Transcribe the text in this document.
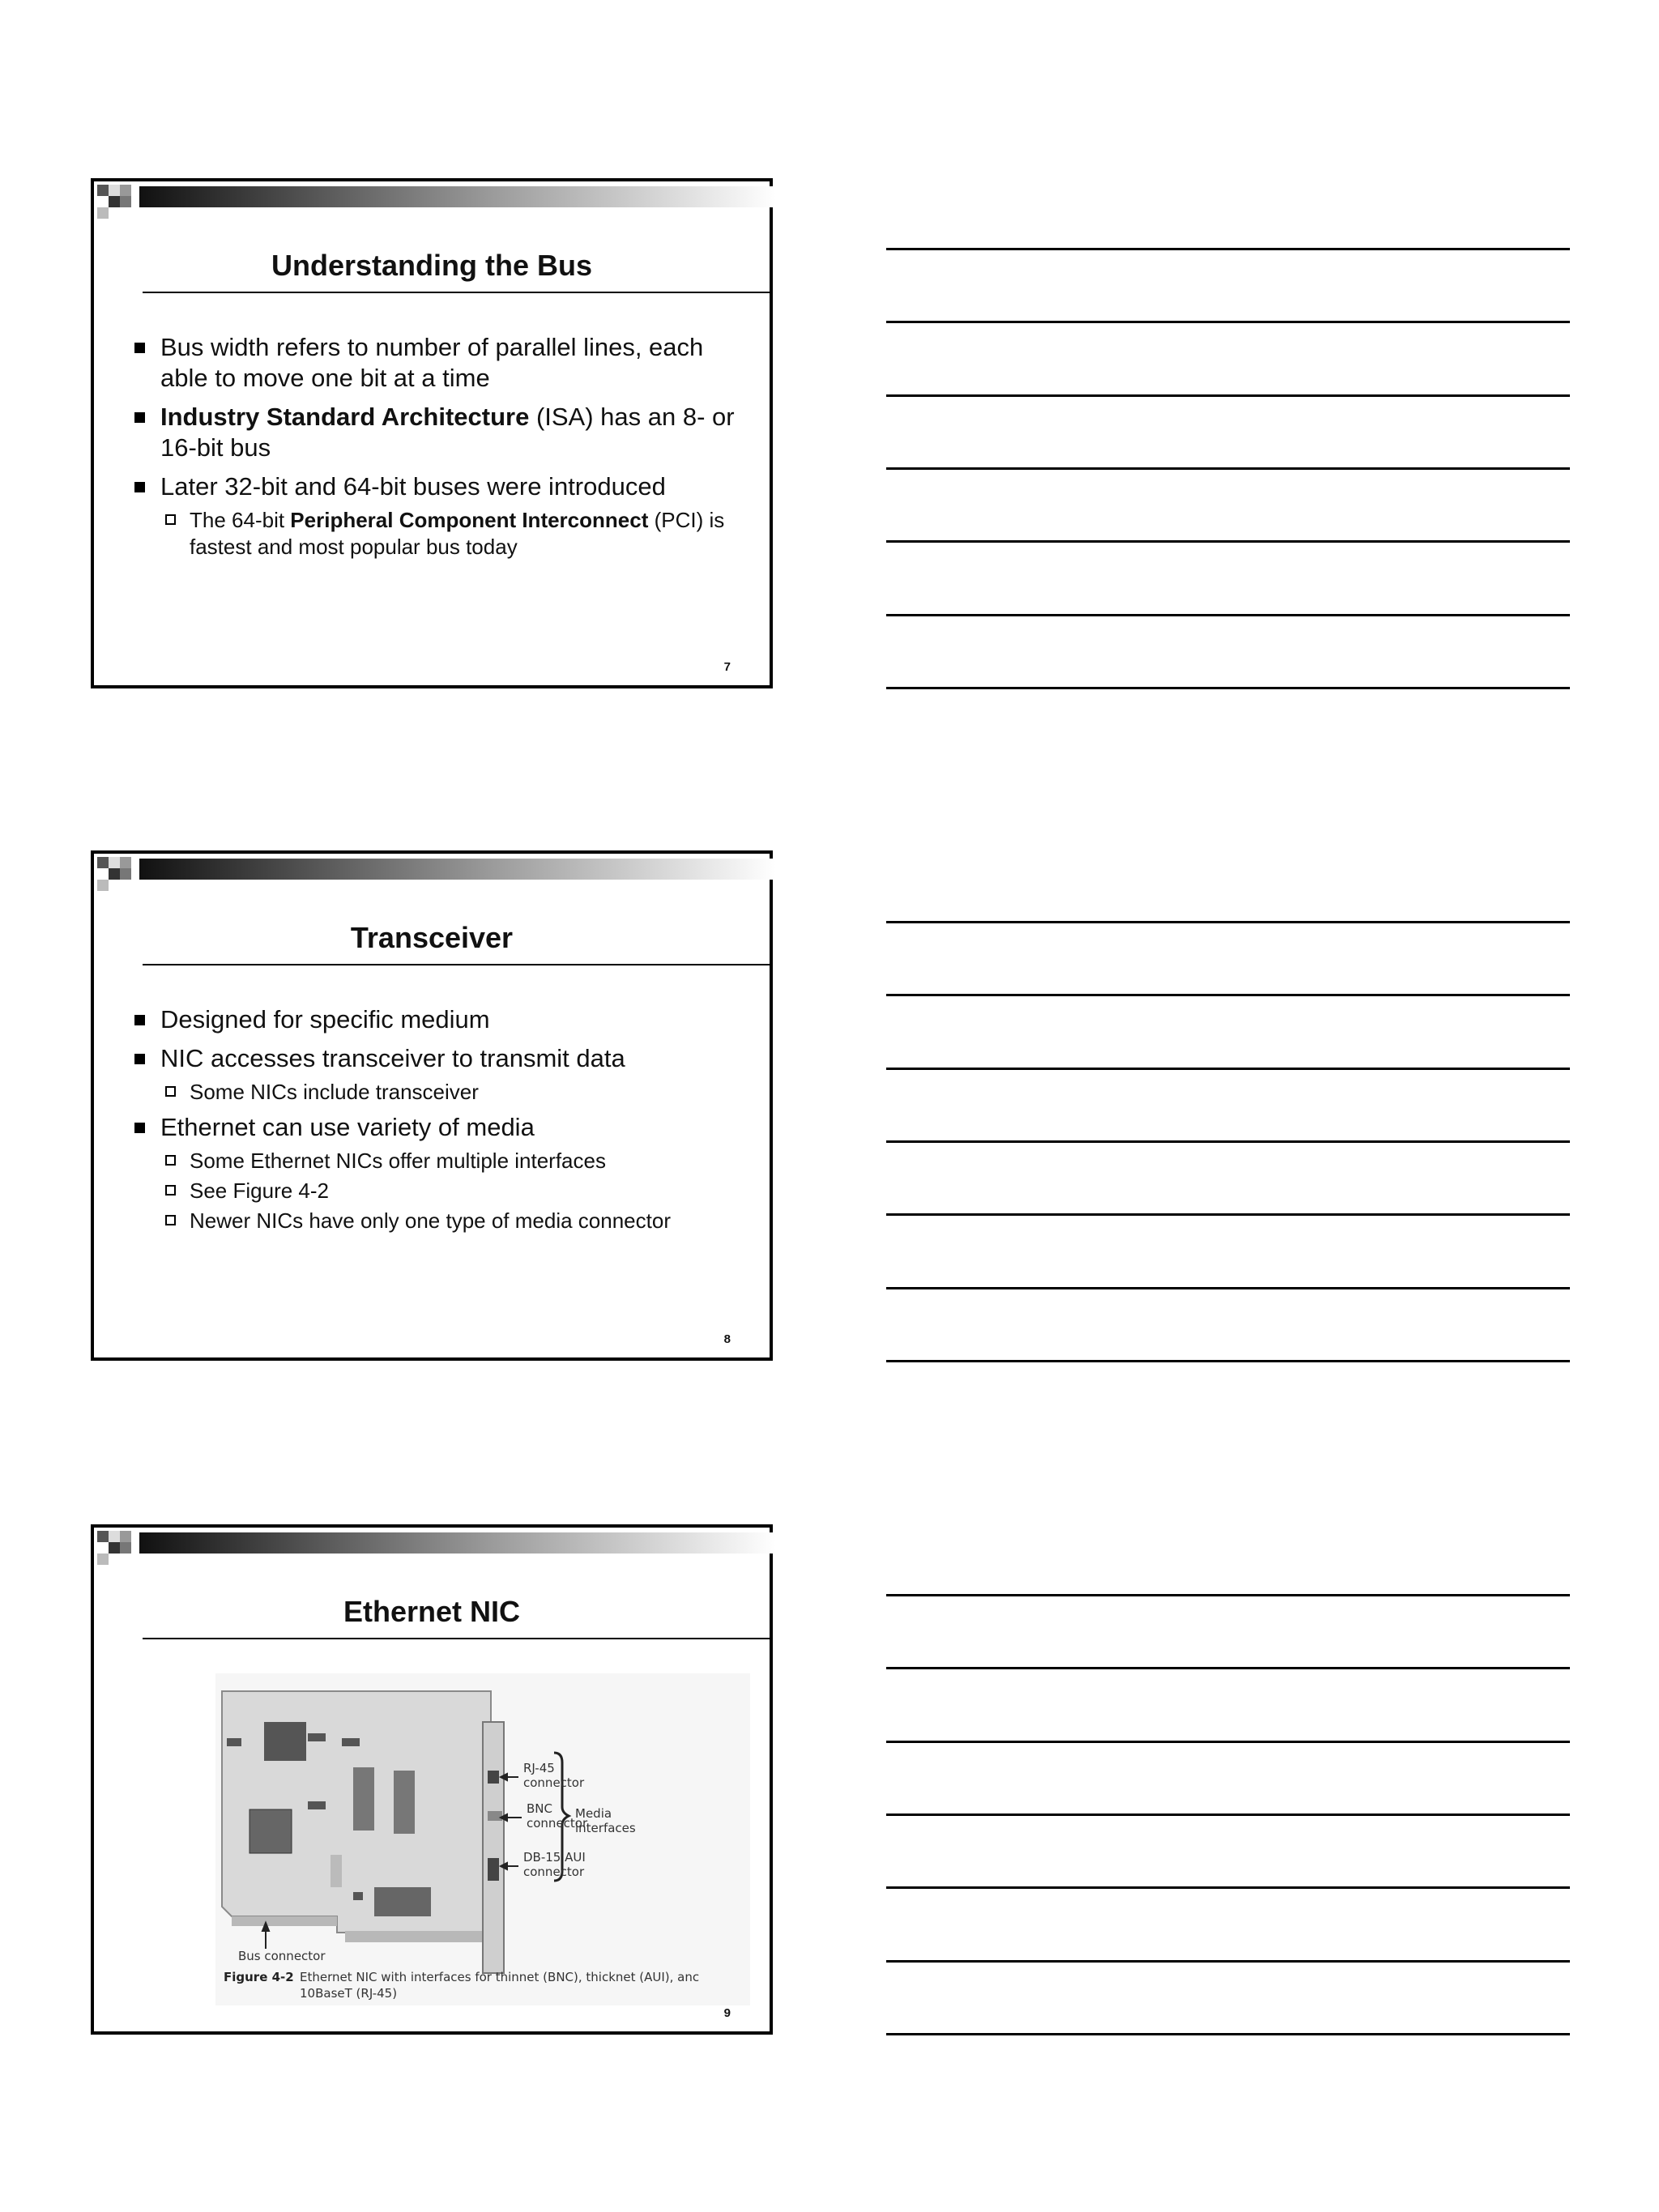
Understanding the Bus
Bus width refers to number of parallel lines, each able to move one bit at a time
Industry Standard Architecture (ISA) has an 8- or 16-bit bus
Later 32-bit and 64-bit buses were introduced
The 64-bit Peripheral Component Interconnect (PCI) is fastest and most popular bus today
7
Transceiver
Designed for specific medium
NIC accesses transceiver to transmit data
Some NICs include transceiver
Ethernet can use variety of media
Some Ethernet NICs offer multiple interfaces
See Figure 4-2
Newer NICs have only one type of media connector
8
Ethernet NIC
RJ-45 connector
BNC connector
DB-15 AUI connector
Media interfaces
Bus connector
Figure 4-2 Ethernet NIC with interfaces for thinnet (BNC), thicknet (AUI), anc 10BaseT (RJ-45)
9
